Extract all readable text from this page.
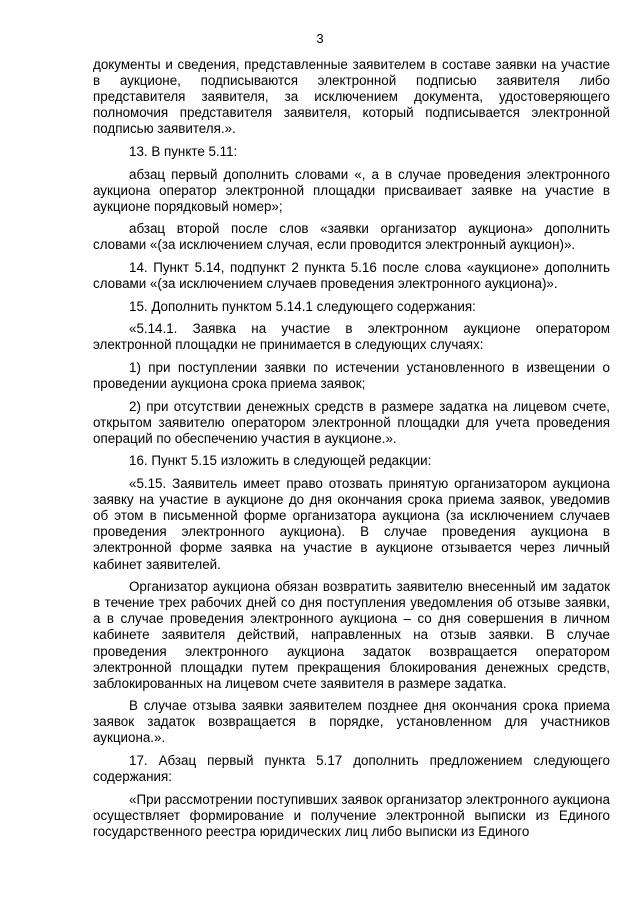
3

документы и сведения, представленные заявителем в составе заявки на участие в аукционе, подписываются электронной подписью заявителя либо представителя заявителя, за исключением документа, удостоверяющего полномочия представителя заявителя, который подписывается электронной подписью заявителя.».

13. В пункте 5.11:

абзац первый дополнить словами «, а в случае проведения электронного аукциона оператор электронной площадки присваивает заявке на участие в аукционе порядковый номер»;

абзац второй после слов «заявки организатор аукциона» дополнить словами «(за исключением случая, если проводится электронный аукцион)».

14. Пункт 5.14, подпункт 2 пункта 5.16 после слова «аукционе» дополнить словами «(за исключением случаев проведения электронного аукциона)».

15. Дополнить пунктом 5.14.1 следующего содержания:

«5.14.1. Заявка на участие в электронном аукционе оператором электронной площадки не принимается в следующих случаях:

1) при поступлении заявки по истечении установленного в извещении о проведении аукциона срока приема заявок;

2) при отсутствии денежных средств в размере задатка на лицевом счете, открытом заявителю оператором электронной площадки для учета проведения операций по обеспечению участия в аукционе.».

16. Пункт 5.15 изложить в следующей редакции:

«5.15. Заявитель имеет право отозвать принятую организатором аукциона заявку на участие в аукционе до дня окончания срока приема заявок, уведомив об этом в письменной форме организатора аукциона (за исключением случаев проведения электронного аукциона). В случае проведения аукциона в электронной форме заявка на участие в аукционе отзывается через личный кабинет заявителей.

Организатор аукциона обязан возвратить заявителю внесенный им задаток в течение трех рабочих дней со дня поступления уведомления об отзыве заявки, а в случае проведения электронного аукциона – со дня совершения в личном кабинете заявителя действий, направленных на отзыв заявки. В случае проведения электронного аукциона задаток возвращается оператором электронной площадки путем прекращения блокирования денежных средств, заблокированных на лицевом счете заявителя в размере задатка.

В случае отзыва заявки заявителем позднее дня окончания срока приема заявок задаток возвращается в порядке, установленном для участников аукциона.».

17. Абзац первый пункта 5.17 дополнить предложением следующего содержания:

«При рассмотрении поступивших заявок организатор электронного аукциона осуществляет формирование и получение электронной выписки из Единого государственного реестра юридических лиц либо выписки из Единого
